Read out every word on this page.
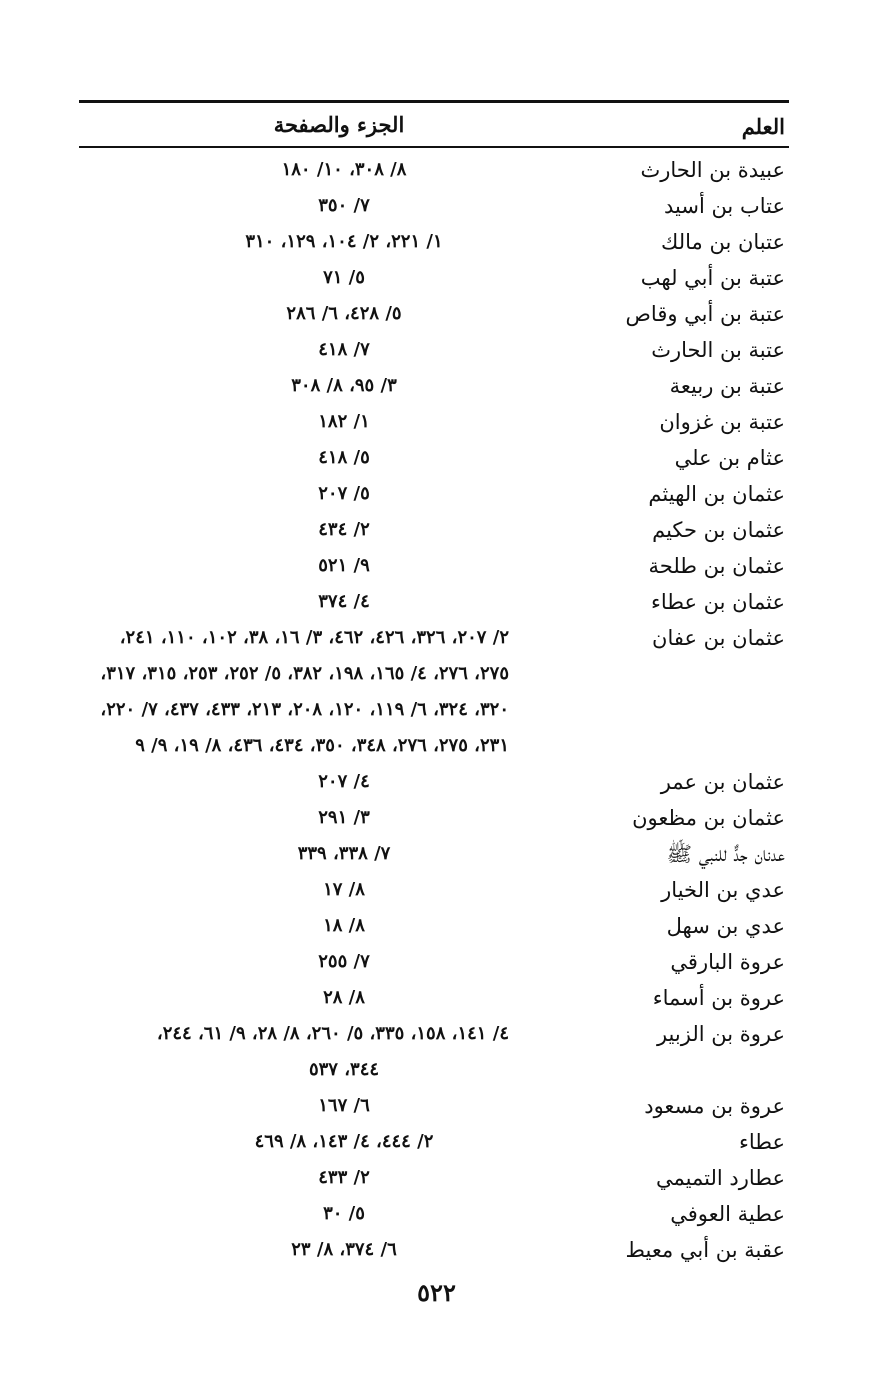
العلم
الجزء والصفحة
عبيدة بن الحارث
٨/ ٣٠٨، ١٠/ ١٨٠
عتاب بن أسيد
٧/ ٣٥٠
عتبان بن مالك
١/ ٢٢١، ٢/ ١٠٤، ١٢٩، ٣١٠
عتبة بن أبي لهب
٥/ ٧١
عتبة بن أبي وقاص
٥/ ٤٢٨، ٦/ ٢٨٦
عتبة بن الحارث
٧/ ٤١٨
عتبة بن ربيعة
٣/ ٩٥، ٨/ ٣٠٨
عتبة بن غزوان
١/ ١٨٢
عثام بن علي
٥/ ٤١٨
عثمان بن الهيثم
٥/ ٢٠٧
عثمان بن حكيم
٢/ ٤٣٤
عثمان بن طلحة
٩/ ٥٢١
عثمان بن عطاء
٤/ ٣٧٤
عثمان بن عفان
٢/ ٢٠٧، ٣٢٦، ٤٢٦، ٤٦٢، ٣/ ١٦، ٣٨، ١٠٢، ١١٠، ٢٤١،
٢٧٥، ٢٧٦، ٤/ ١٦٥، ١٩٨، ٣٨٢، ٥/ ٢٥٢، ٢٥٣، ٣١٥، ٣١٧،
٣٢٠، ٣٢٤، ٦/ ١١٩، ١٢٠، ٢٠٨، ٢١٣، ٤٣٣، ٤٣٧، ٧/ ٢٢٠،
٢٣١، ٢٧٥، ٢٧٦، ٣٤٨، ٣٥٠، ٤٣٤، ٤٣٦، ٨/ ١٩، ٩/ ٩
عثمان بن عمر
٤/ ٢٠٧
عثمان بن مظعون
٣/ ٢٩١
عدنان جدٌّ للنبي ﷺ
٧/ ٣٣٨، ٣٣٩
عدي بن الخيار
٨/ ١٧
عدي بن سهل
٨/ ١٨
عروة البارقي
٧/ ٢٥٥
عروة بن أسماء
٨/ ٢٨
عروة بن الزبير
٤/ ١٤١، ١٥٨، ٣٣٥، ٥/ ٢٦٠، ٨/ ٢٨، ٩/ ٦١، ٢٤٤،
٣٤٤، ٥٣٧
عروة بن مسعود
٦/ ١٦٧
عطاء
٢/ ٤٤٤، ٤/ ١٤٣، ٨/ ٤٦٩
عطارد التميمي
٢/ ٤٣٣
عطية العوفي
٥/ ٣٠
عقبة بن أبي معيط
٦/ ٣٧٤، ٨/ ٢٣
٥٢٢
